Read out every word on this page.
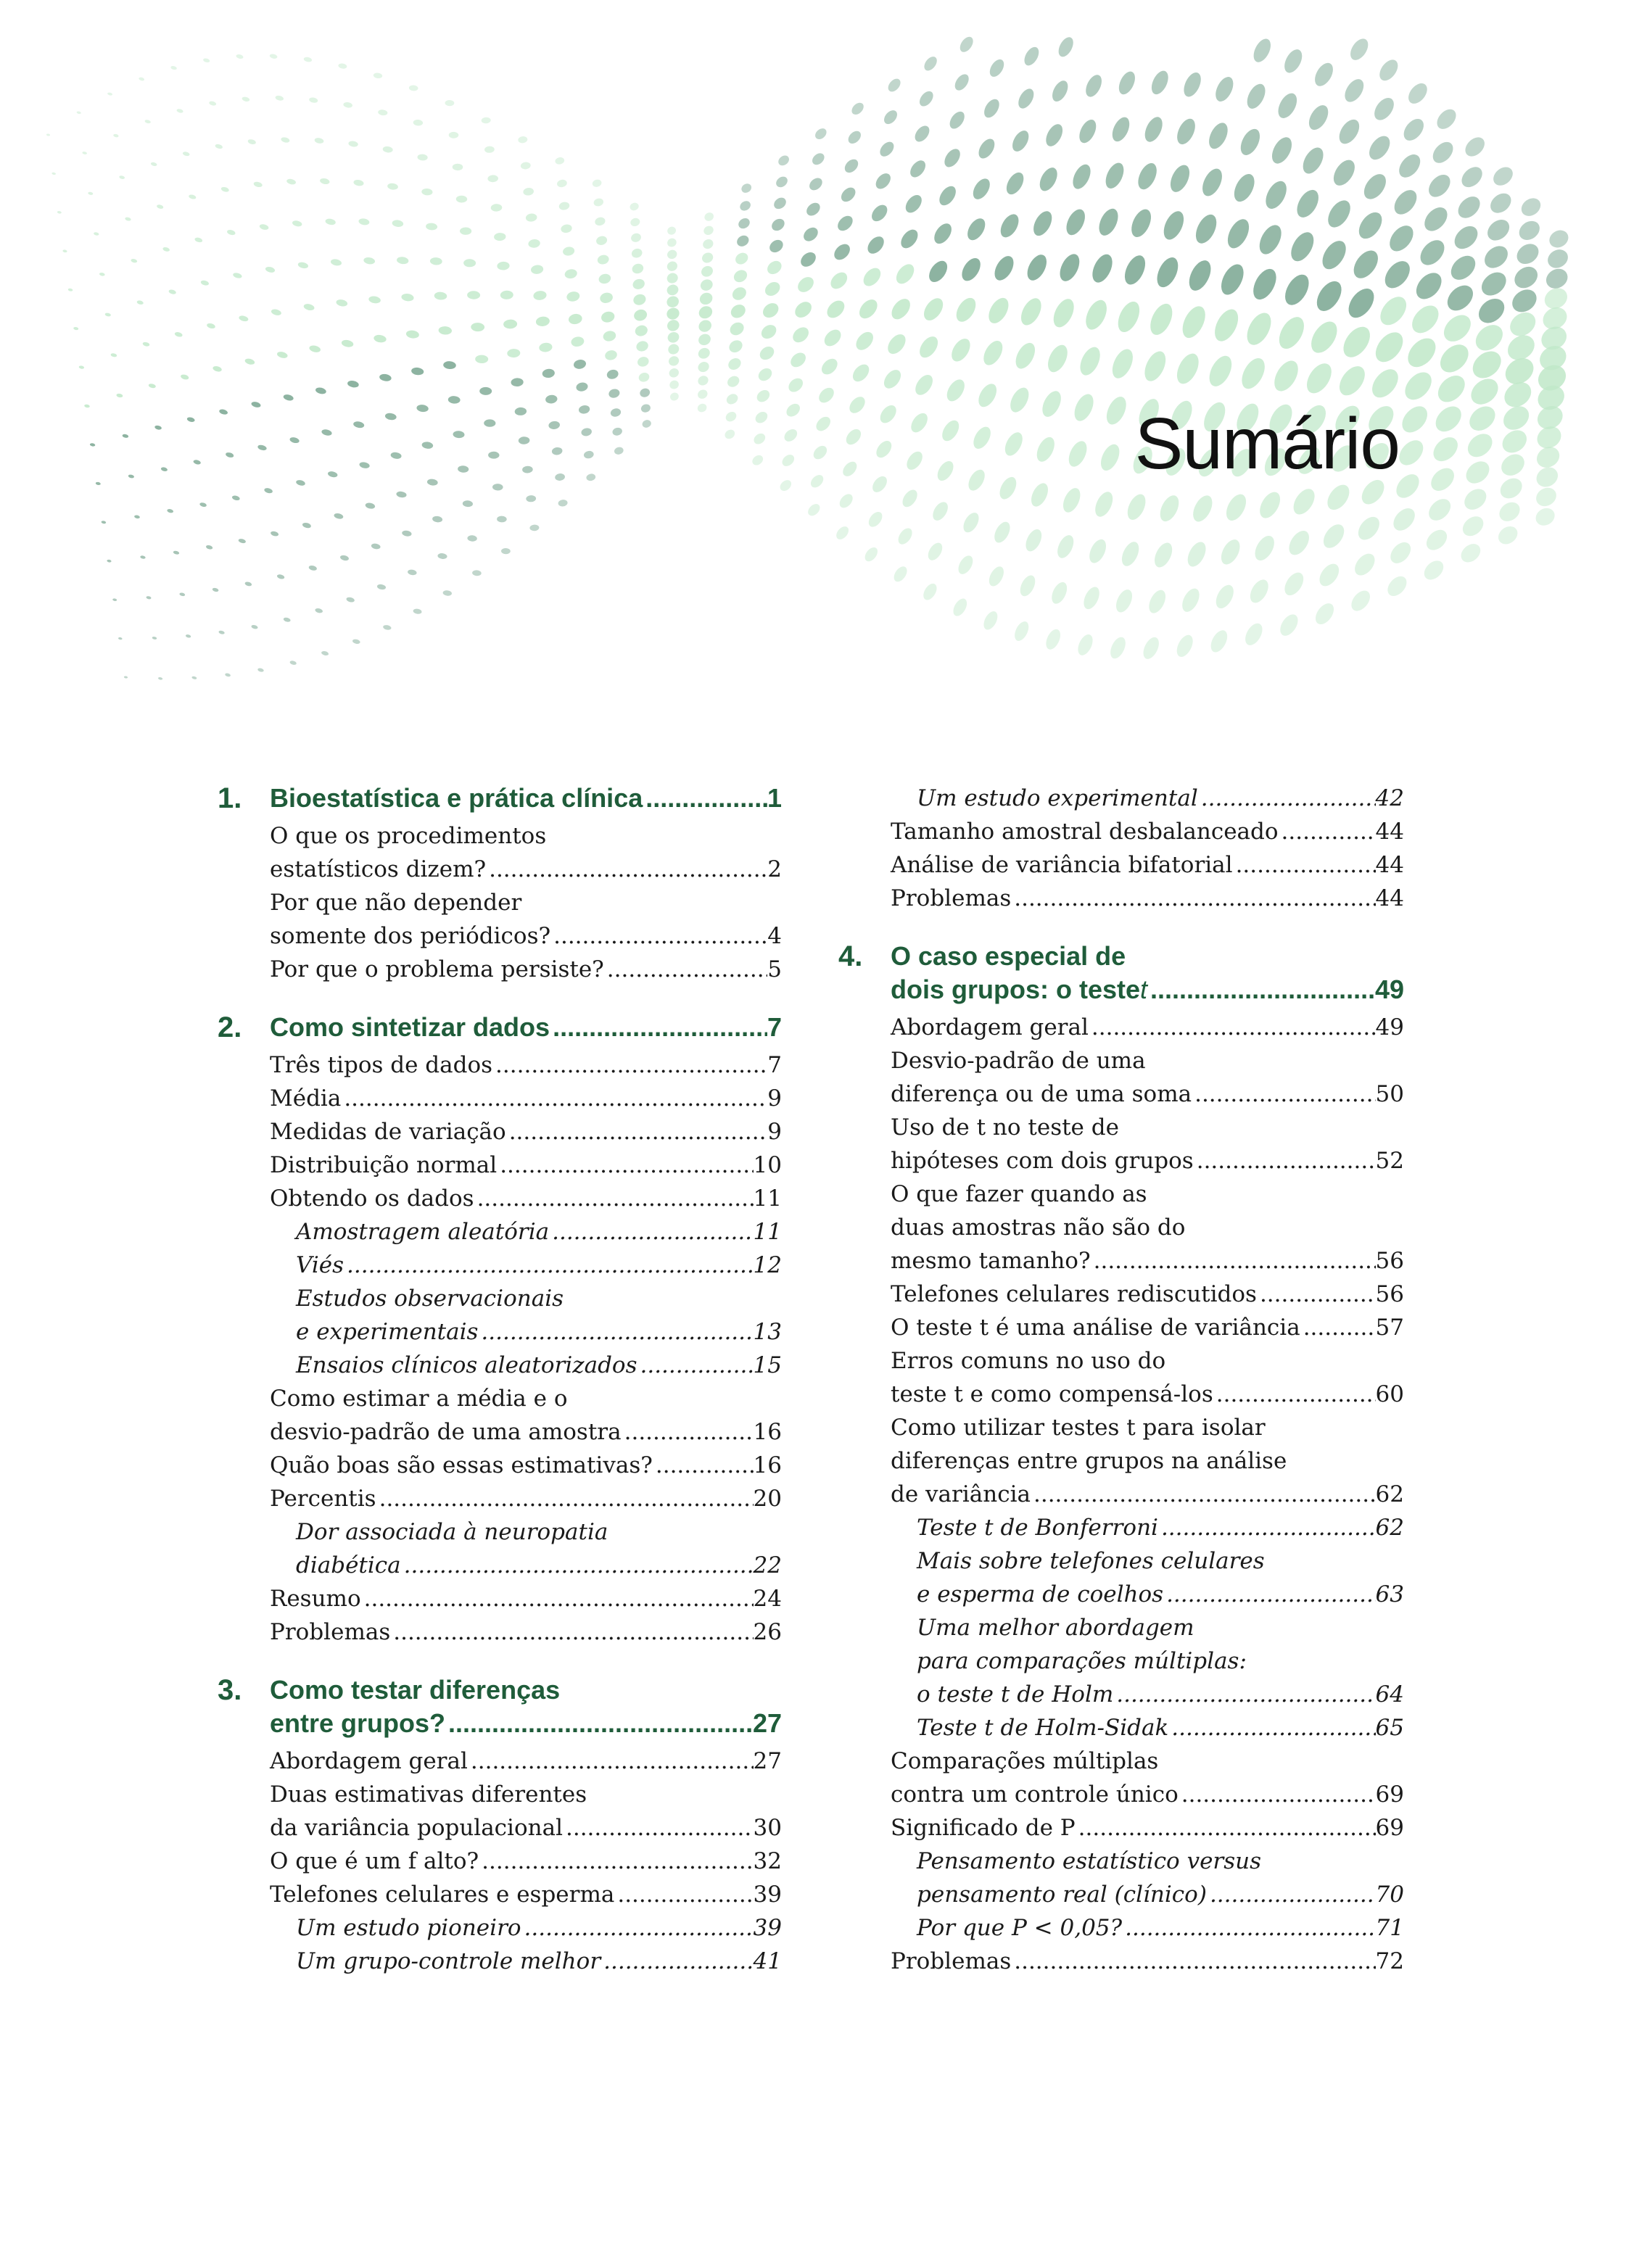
Sumário
1. Bioestatística e prática clínica .....	1
O que os procedimentos
estatísticos dizem? .....	2
Por que não depender
somente dos periódicos? .....	4
Por que o problema persiste? .....	5
2. Como sintetizar dados .....	7
Três tipos de dados .....	7
Média .....	9
Medidas de variação .....	9
Distribuição normal .....	10
Obtendo os dados .....	11
Amostragem aleatória .....	11
Viés .....	12
Estudos observacionais
e experimentais .....	13
Ensaios clínicos aleatorizados .....	15
Como estimar a média e o
desvio-padrão de uma amostra .....	16
Quão boas são essas estimativas? .....	16
Percentis .....	20
Dor associada à neuropatia
diabética .....	22
Resumo .....	24
Problemas .....	26
3. Como testar diferenças
entre grupos? .....	27
Abordagem geral .....	27
Duas estimativas diferentes
da variância populacional .....	30
O que é um f alto? .....	32
Telefones celulares e esperma .....	39
Um estudo pioneiro .....	39
Um grupo-controle melhor .....	41
Um estudo experimental .....	42
Tamanho amostral desbalanceado .....	44
Análise de variância bifatorial .....	44
Problemas .....	44
4. O caso especial de
dois grupos: o teste t .....	49
Abordagem geral .....	49
Desvio-padrão de uma
diferença ou de uma soma .....	50
Uso de t no teste de
hipóteses com dois grupos .....	52
O que fazer quando as
duas amostras não são do
mesmo tamanho? .....	56
Telefones celulares rediscutidos .....	56
O teste t é uma análise de variância .....	57
Erros comuns no uso do
teste t e como compensá-los .....	60
Como utilizar testes t para isolar
diferenças entre grupos na análise
de variância .....	62
Teste t de Bonferroni .....	62
Mais sobre telefones celulares
e esperma de coelhos .....	63
Uma melhor abordagem
para comparações múltiplas:
o teste t de Holm .....	64
Teste t de Holm-Sidak .....	65
Comparações múltiplas
contra um controle único .....	69
Significado de P .....	69
Pensamento estatístico versus
pensamento real (clínico) .....	70
Por que P < 0,05? .....	71
Problemas .....	72
